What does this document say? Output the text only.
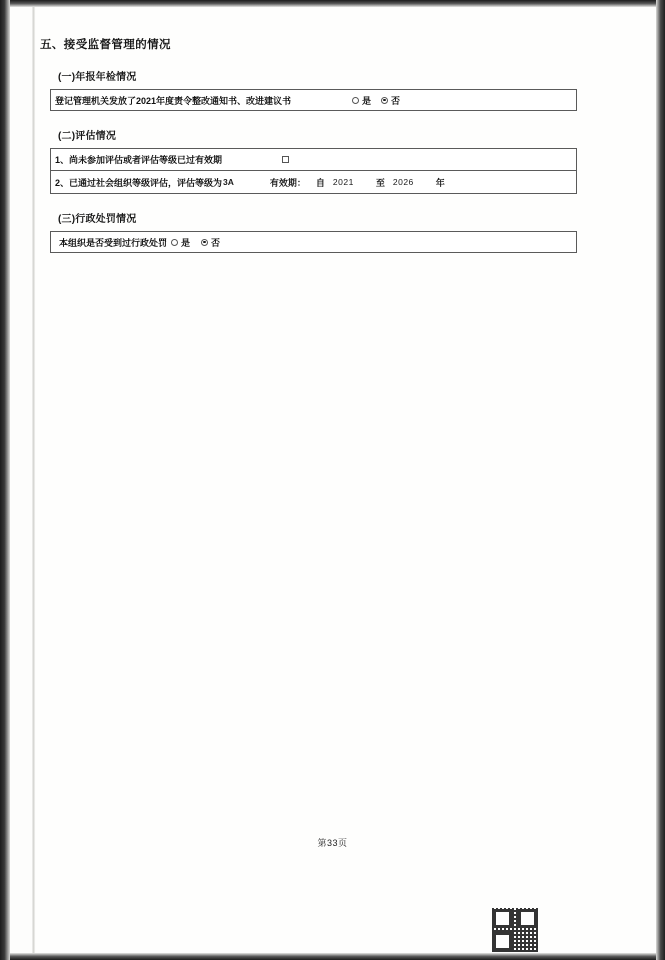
五、接受监督管理的情况
(一)年报年检情况
登记管理机关发放了2021年度责令整改通知书、改进建议书	是 否
(二)评估情况
1、尚未参加评估或者评估等级已过有效期
2、已通过社会组织等级评估，评估等级为 3A	有效期： 自 2021 至 2026 年
(三)行政处罚情况
本组织是否受到过行政处罚 是 否
第33页
